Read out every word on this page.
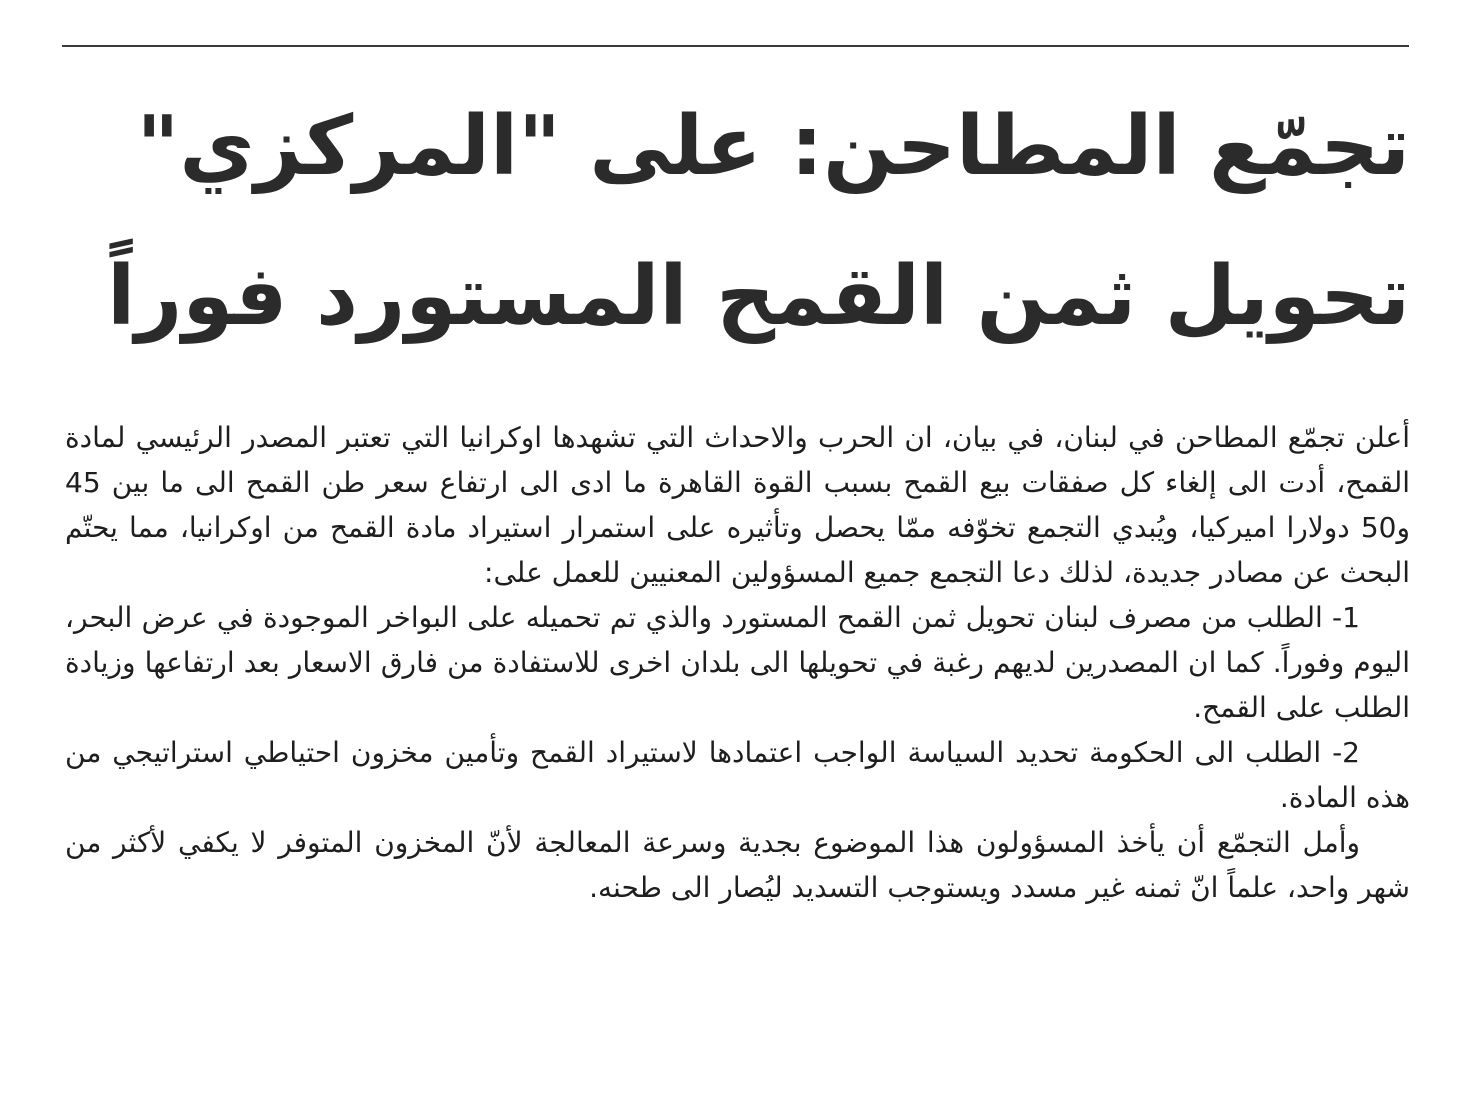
تجمّع المطاحن: على "المركزي"
تحويل ثمن القمح المستورد فوراً

أعلن تجمّع المطاحن في لبنان، في بيان، ان الحرب والاحداث التي تشهدها اوكرانيا التي تعتبر المصدر الرئيسي لمادة القمح، أدت الى إلغاء كل صفقات بيع القمح بسبب القوة القاهرة ما ادى الى ارتفاع سعر طن القمح الى ما بين 45 و50 دولارا اميركيا، ويُبدي التجمع تخوّفه ممّا يحصل وتأثيره على استمرار استيراد مادة القمح من اوكرانيا، مما يحتّم البحث عن مصادر جديدة، لذلك دعا التجمع جميع المسؤولين المعنيين للعمل على:

1- الطلب من مصرف لبنان تحويل ثمن القمح المستورد والذي تم تحميله على البواخر الموجودة في عرض البحر، اليوم وفوراً. كما ان المصدرين لديهم رغبة في تحويلها الى بلدان اخرى للاستفادة من فارق الاسعار بعد ارتفاعها وزيادة الطلب على القمح.

2- الطلب الى الحكومة تحديد السياسة الواجب اعتمادها لاستيراد القمح وتأمين مخزون احتياطي استراتيجي من هذه المادة.

وأمل التجمّع أن يأخذ المسؤولون هذا الموضوع بجدية وسرعة المعالجة لأنّ المخزون المتوفر لا يكفي لأكثر من شهر واحد، علماً انّ ثمنه غير مسدد ويستوجب التسديد ليُصار الى طحنه.
